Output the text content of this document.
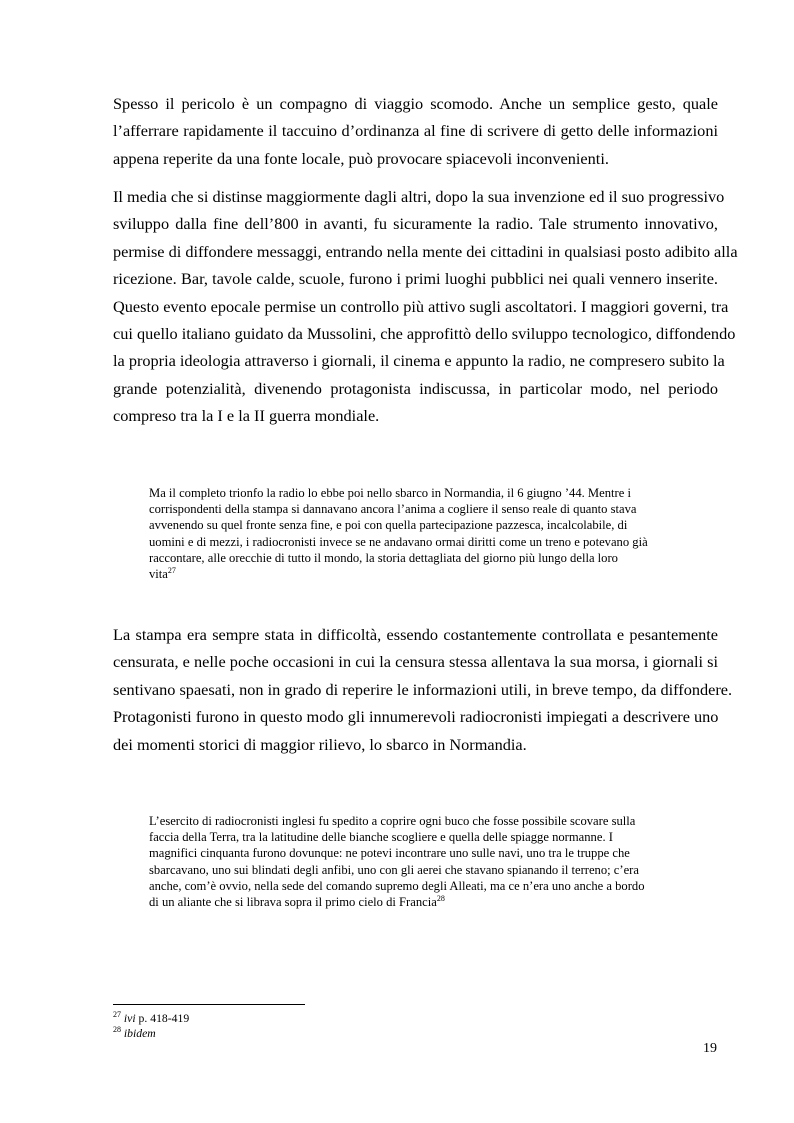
Spesso il pericolo è un compagno di viaggio scomodo. Anche un semplice gesto, quale
l’afferrare rapidamente il taccuino d’ordinanza al fine di scrivere di getto delle informazioni
appena reperite da una fonte locale, può provocare spiacevoli inconvenienti.

Il media che si distinse maggiormente dagli altri, dopo la sua invenzione ed il suo progressivo
sviluppo dalla fine dell’800 in avanti, fu sicuramente la radio. Tale strumento innovativo,
permise di diffondere messaggi, entrando nella mente dei cittadini in qualsiasi posto adibito alla
ricezione. Bar, tavole calde, scuole, furono i primi luoghi pubblici nei quali vennero inserite.
Questo evento epocale permise un controllo più attivo sugli ascoltatori. I maggiori governi, tra
cui quello italiano guidato da Mussolini, che approfittò dello sviluppo tecnologico, diffondendo
la propria ideologia attraverso i giornali, il cinema e appunto la radio, ne compresero subito la
grande potenzialità, divenendo protagonista indiscussa, in particolar modo, nel periodo
compreso tra la I e la II guerra mondiale.

Ma il completo trionfo la radio lo ebbe poi nello sbarco in Normandia, il 6 giugno ’44. Mentre i
corrispondenti della stampa si dannavano ancora l’anima a cogliere il senso reale di quanto stava
avvenendo su quel fronte senza fine, e poi con quella partecipazione pazzesca, incalcolabile, di
uomini e di mezzi, i radiocronisti invece se ne andavano ormai diritti come un treno e potevano già
raccontare, alle orecchie di tutto il mondo, la storia dettagliata del giorno più lungo della loro
vita$^{27}$

La stampa era sempre stata in difficoltà, essendo costantemente controllata e pesantemente
censurata, e nelle poche occasioni in cui la censura stessa allentava la sua morsa, i giornali si
sentivano spaesati, non in grado di reperire le informazioni utili, in breve tempo, da diffondere.
Protagonisti furono in questo modo gli innumerevoli radiocronisti impiegati a descrivere uno
dei momenti storici di maggior rilievo, lo sbarco in Normandia.

L’esercito di radiocronisti inglesi fu spedito a coprire ogni buco che fosse possibile scovare sulla
faccia della Terra, tra la latitudine delle bianche scogliere e quella delle spiagge normanne. I
magnifici cinquanta furono dovunque: ne potevi incontrare uno sulle navi, uno tra le truppe che
sbarcavano, uno sui blindati degli anfibi, uno con gli aerei che stavano spianando il terreno; c’era
anche, com’è ovvio, nella sede del comando supremo degli Alleati, ma ce n’era uno anche a bordo
di un aliante che si librava sopra il primo cielo di Francia$^{28}$
$^{27}$ ivi p. 418-419
$^{28}$ ibidem
19
